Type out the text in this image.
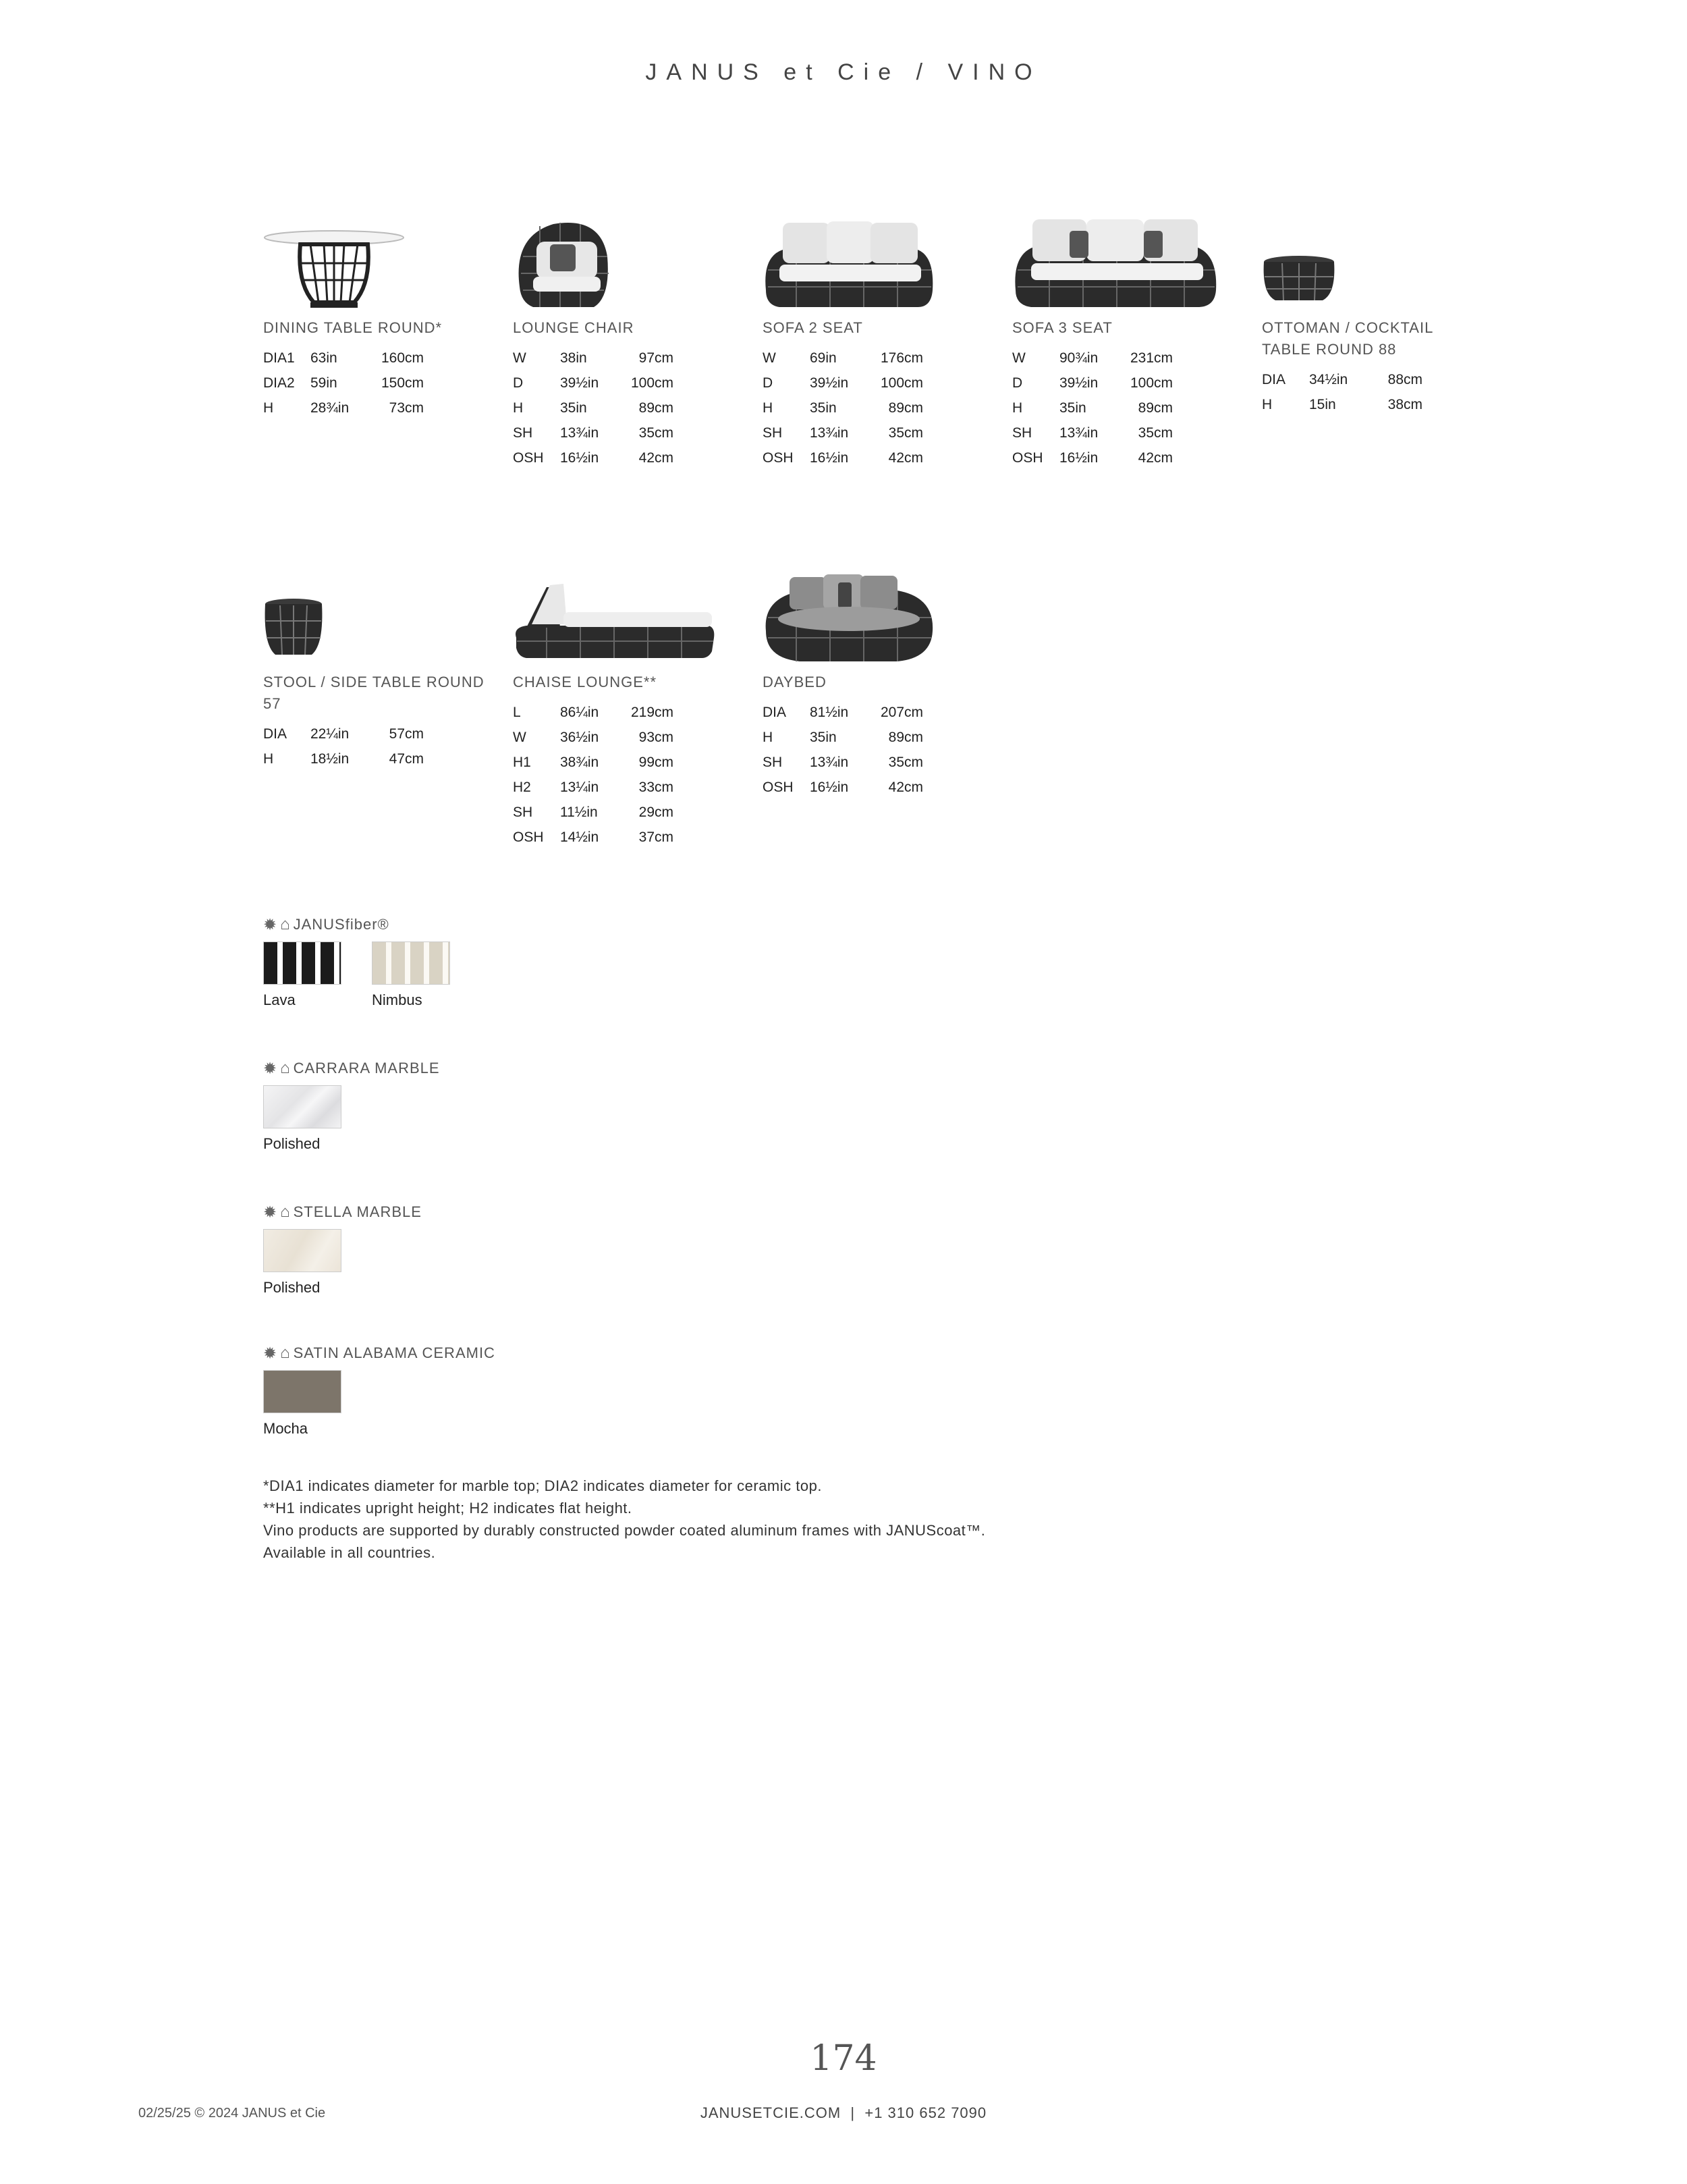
JANUS et Cie / VINO
DINING TABLE ROUND*
DIA1	63in	160cm
DIA2	59in	150cm
H	28¾in	73cm
LOUNGE CHAIR
W	38in	97cm
D	39½in	100cm
H	35in	89cm
SH	13¾in	35cm
OSH	16½in	42cm
SOFA 2 SEAT
W	69in	176cm
D	39½in	100cm
H	35in	89cm
SH	13¾in	35cm
OSH	16½in	42cm
SOFA 3 SEAT
W	90¾in	231cm
D	39½in	100cm
H	35in	89cm
SH	13¾in	35cm
OSH	16½in	42cm
OTTOMAN / COCKTAIL TABLE ROUND 88
DIA	34½in	88cm
H	15in	38cm
STOOL / SIDE TABLE ROUND 57
DIA	22¼in	57cm
H	18½in	47cm
CHAISE LOUNGE**
L	86¼in	219cm
W	36½in	93cm
H1	38¾in	99cm
H2	13¼in	33cm
SH	11½in	29cm
OSH	14½in	37cm
DAYBED
DIA	81½in	207cm
H	35in	89cm
SH	13¾in	35cm
OSH	16½in	42cm
✹ ⌂ JANUSfiber®
Lava	Nimbus
✹ ⌂ CARRARA MARBLE
Polished
✹ ⌂ STELLA MARBLE
Polished
✹ ⌂ SATIN ALABAMA CERAMIC
Mocha
*DIA1 indicates diameter for marble top; DIA2 indicates diameter for ceramic top.
**H1 indicates upright height; H2 indicates flat height.
Vino products are supported by durably constructed powder coated aluminum frames with JANUScoat™.
Available in all countries.
174
02/25/25 © 2024 JANUS et Cie	JANUSETCIE.COM  |  +1 310 652 7090
